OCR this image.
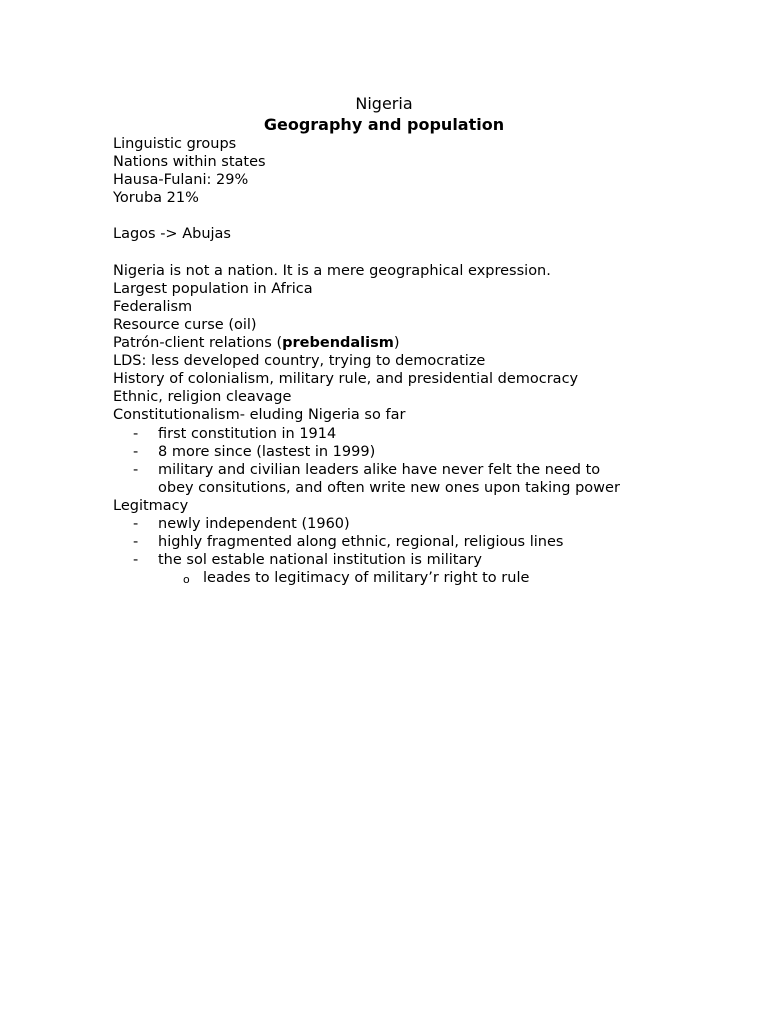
Nigeria
Geography and population
Linguistic groups
Nations within states
Hausa-Fulani: 29%
Yoruba 21%
Lagos -> Abujas
Nigeria is not a nation. It is a mere geographical expression.
Largest population in Africa
Federalism
Resource curse (oil)
Patrón-client relations (prebendalism)
LDS: less developed country, trying to democratize
History of colonialism, military rule, and presidential democracy
Ethnic, religion cleavage
Constitutionalism- eluding Nigeria so far
- first constitution in 1914
- 8 more since (lastest in 1999)
- military and civilian leaders alike have never felt the need to
obey consitutions, and often write new ones upon taking power
Legitmacy
- newly independent (1960)
- highly fragmented along ethnic, regional, religious lines
- the sol estable national institution is military
o leades to legitimacy of military’r right to rule
